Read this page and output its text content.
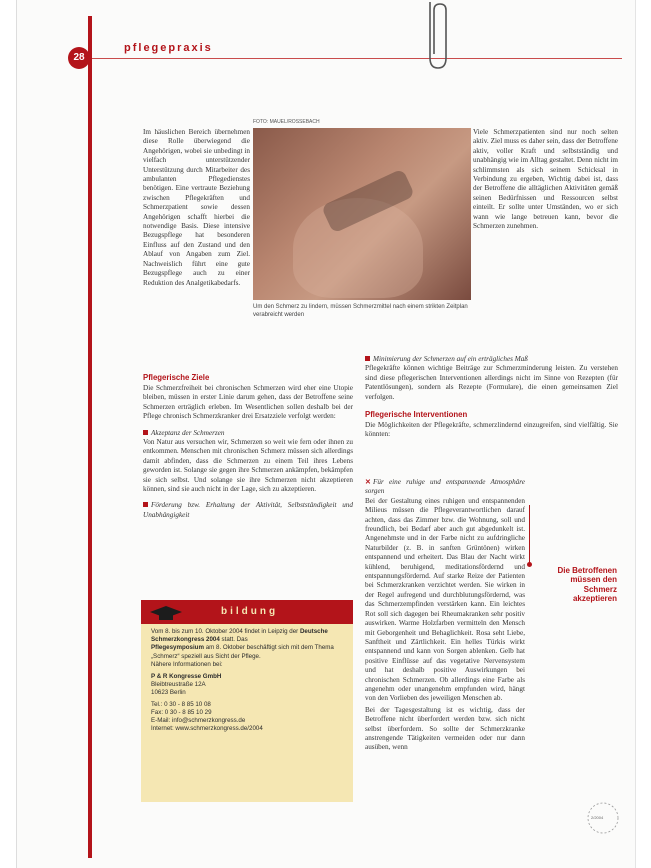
28
pflegepraxis

Im häuslichen Bereich übernehmen diese Rolle überwiegend die Angehörigen, wobei sie unbedingt in vielfach unterstützender Unterstützung durch Mitarbeiter des ambulanten Pflegedienstes benötigen. Eine vertraute Beziehung zwischen Pflegekräften und Schmerzpatient sowie dessen Angehörigen schafft hierbei die notwendige Basis. Diese intensive Bezugspflege hat besonderen Einfluss auf den Zustand und den Ablauf von Angaben zum Ziel. Nachweislich führt eine gute Bezugspflege auch zu einer Reduktion des Analgetikabedarfs.

FOTO: MAUEL/ROSSEBACH
Um den Schmerz zu lindern, müssen Schmerzmittel nach einem strikten Zeitplan verabreicht werden

Viele Schmerzpatienten sind nur noch selten aktiv. Ziel muss es daher sein, dass der Betroffene aktiv, voller Kraft und selbstständig und unabhängig wie im Alltag gestaltet. Denn nicht im schlimmsten als sich seinem Schicksal in Verbindung zu ergeben, Wichtig dabei ist, dass der Betroffene die alltäglichen Aktivitäten gemäß seinen Bedürfnissen und Ressourcen selbst einteilt. Er sollte unter Umständen, wo er sich wann wie lange betreuen kann, bevor die Schmerzen zunehmen.

Pflegerische Ziele

Die Schmerzfreiheit bei chronischen Schmerzen wird eher eine Utopie bleiben, müssen in erster Linie darum gehen, dass der Betroffene seine Schmerzen erträglich erleben. Im Wesentlichen sollen deshalb bei der Pflege chronisch Schmerzkranker drei Ersatzziele verfolgt werden:

Akzeptanz der Schmerzen

Von Natur aus versuchen wir, Schmerzen so weit wie fern oder ihnen zu entkommen. Menschen mit chronischen Schmerz müssen sich allerdings damit abfinden, dass die Schmerzen zu einem Teil ihres Lebens geworden ist. Solange sie gegen ihre Schmerzen ankämpfen, bekämpfen sie sich selbst. Und solange sie ihre Schmerzen nicht akzeptieren können, sind sie auch nicht in der Lage, sich zu akzeptieren.

Förderung bzw. Erhaltung der Aktivität, Selbstständigkeit und Unabhängigkeit
bildung
Vom 8. bis zum 10. Oktober 2004 findet in Leipzig der Deutsche Schmerzkongress 2004 statt. Das
Pflegesymposium am 8. Oktober beschäftigt sich mit dem Thema „Schmerz“ speziell aus Sicht der Pflege.
Nähere Informationen bei:
P & R Kongresse GmbH
Bleibtreustraße 12A
10623 Berlin
Tel.: 0 30 - 8 85 10 08
Fax: 0 30 - 8 85 10 29
E-Mail: info@schmerzkongress.de
Internet: www.schmerzkongress.de/2004
Minimierung der Schmerzen auf ein erträgliches Maß

Pflegekräfte können wichtige Beiträge zur Schmerzminderung leisten. Zu verstehen sind diese pflegerischen Interventionen allerdings nicht im Sinne von Rezepten (für Patentlösungen), sondern als Rezepte (Formulare), die einen gemeinsamen Ziel verfolgen.

Pflegerische Interventionen

Die Möglichkeiten der Pflegekräfte, schmerzlindernd einzugreifen, sind vielfältig. Sie könnten:

✕ Für eine ruhige und entspannende Atmosphäre sorgen

Bei der Gestaltung eines ruhigen und entspannenden Milieus müssen die Pflegeverantwortlichen darauf achten, dass das Zimmer bzw. die Wohnung, soll und freundlich, bei Bedarf aber auch gut abgedunkelt ist. Angenehmste und in der Farbe nicht zu aufdringliche Naturbilder (z. B. in sanften Grüntönen) wirken entspannend und erheitert. Das Blau der Nacht wirkt kühlend, beruhigend, meditationsfördernd und entspannungsfördernd. Auf starke Reize der Patienten bei Schmerzkranken verzichtet werden. Sie wirken in der Regel aufregend und durchblutungsfördernd, was das Schmerzempfinden verstärken kann. Ein leichtes Rot soll sich dagegen bei Rheumakranken sehr positiv auswirken. Warme Holzfarben vermitteln den Mensch mit Geborgenheit und Behaglichkeit. Rosa seht Liebe, Sanftheit und Zärtlichkeit. Ein helles Türkis wirkt entspannend und kann von Sorgen ablenken. Gelb hat positive Einflüsse auf das vegetative Nervensystem und hat deshalb positive Auswirkungen bei chronischen Schmerzen. Ob allerdings eine Farbe als angenehm oder unangenehm empfunden wird, hängt von den Vorlieben des jeweiligen Menschen ab.

Bei der Tagesgestaltung ist es wichtig, dass der Betroffene nicht überfordert werden bzw. sich nicht selbst überfordern. So sollte der Schmerzkranke anstrengende Tätigkeiten vermeiden oder nur dann ausüben, wenn

Die Betroffenen müssen den Schmerz akzeptieren
2/2004
